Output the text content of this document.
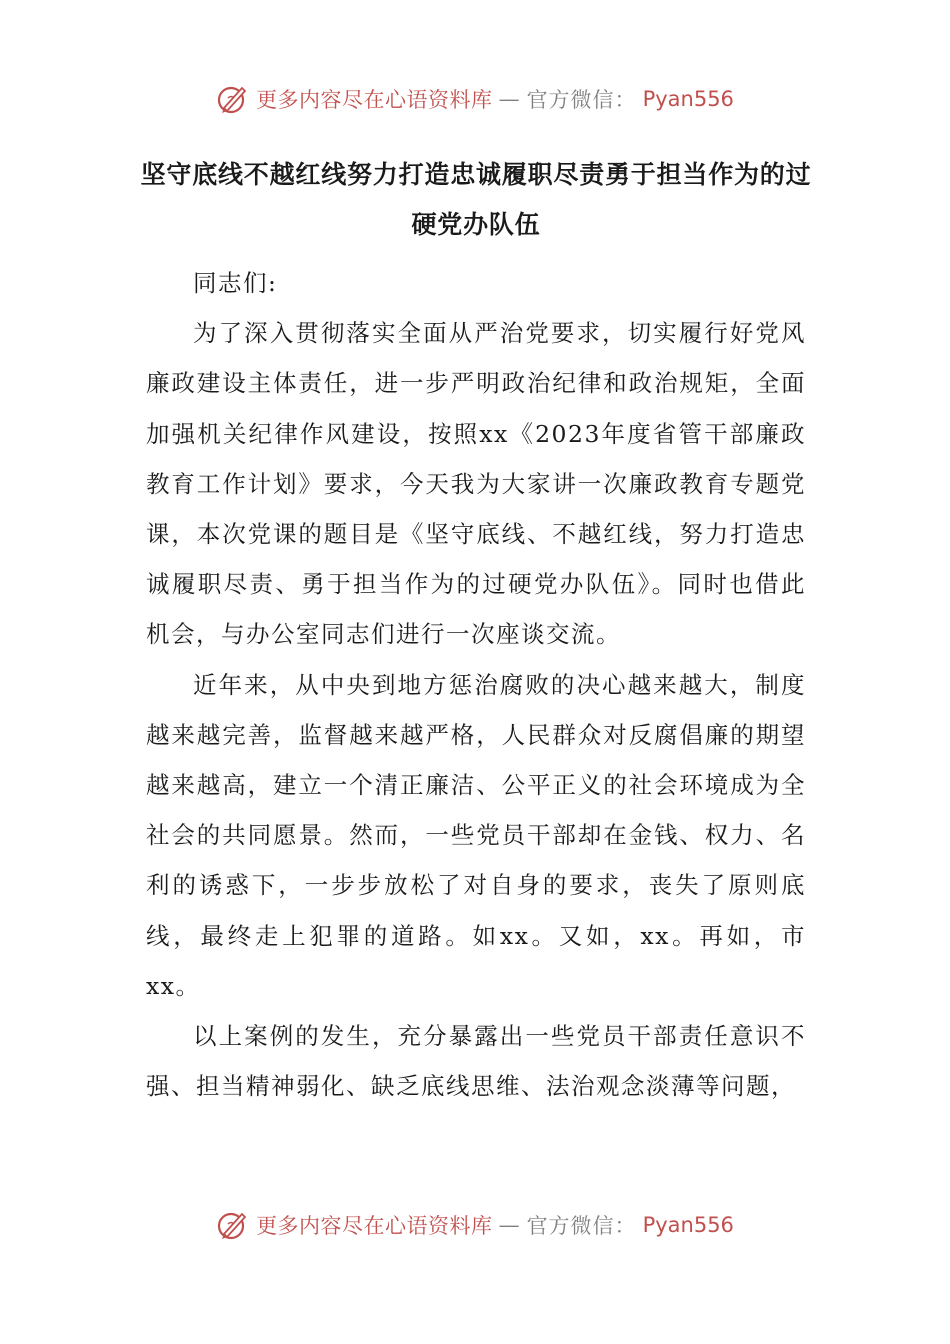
更多内容尽在心语资料库 — 官方微信： Pyan556
坚守底线不越红线努力打造忠诚履职尽责勇于担当作为的过硬党办队伍

同志们:

为了深入贯彻落实全面从严治党要求，切实履行好党风廉政建设主体责任，进一步严明政治纪律和政治规矩，全面加强机关纪律作风建设，按照xx《2023年度省管干部廉政教育工作计划》要求，今天我为大家讲一次廉政教育专题党课，本次党课的题目是《坚守底线、不越红线，努力打造忠诚履职尽责、勇于担当作为的过硬党办队伍》。同时也借此机会，与办公室同志们进行一次座谈交流。

近年来，从中央到地方惩治腐败的决心越来越大，制度越来越完善，监督越来越严格，人民群众对反腐倡廉的期望越来越高，建立一个清正廉洁、公平正义的社会环境成为全社会的共同愿景。然而，一些党员干部却在金钱、权力、名利的诱惑下，一步步放松了对自身的要求，丧失了原则底线，最终走上犯罪的道路。如xx。又如，xx。再如，市xx。

以上案例的发生，充分暴露出一些党员干部责任意识不强、担当精神弱化、缺乏底线思维、法治观念淡薄等问题，

更多内容尽在心语资料库 — 官方微信： Pyan556
